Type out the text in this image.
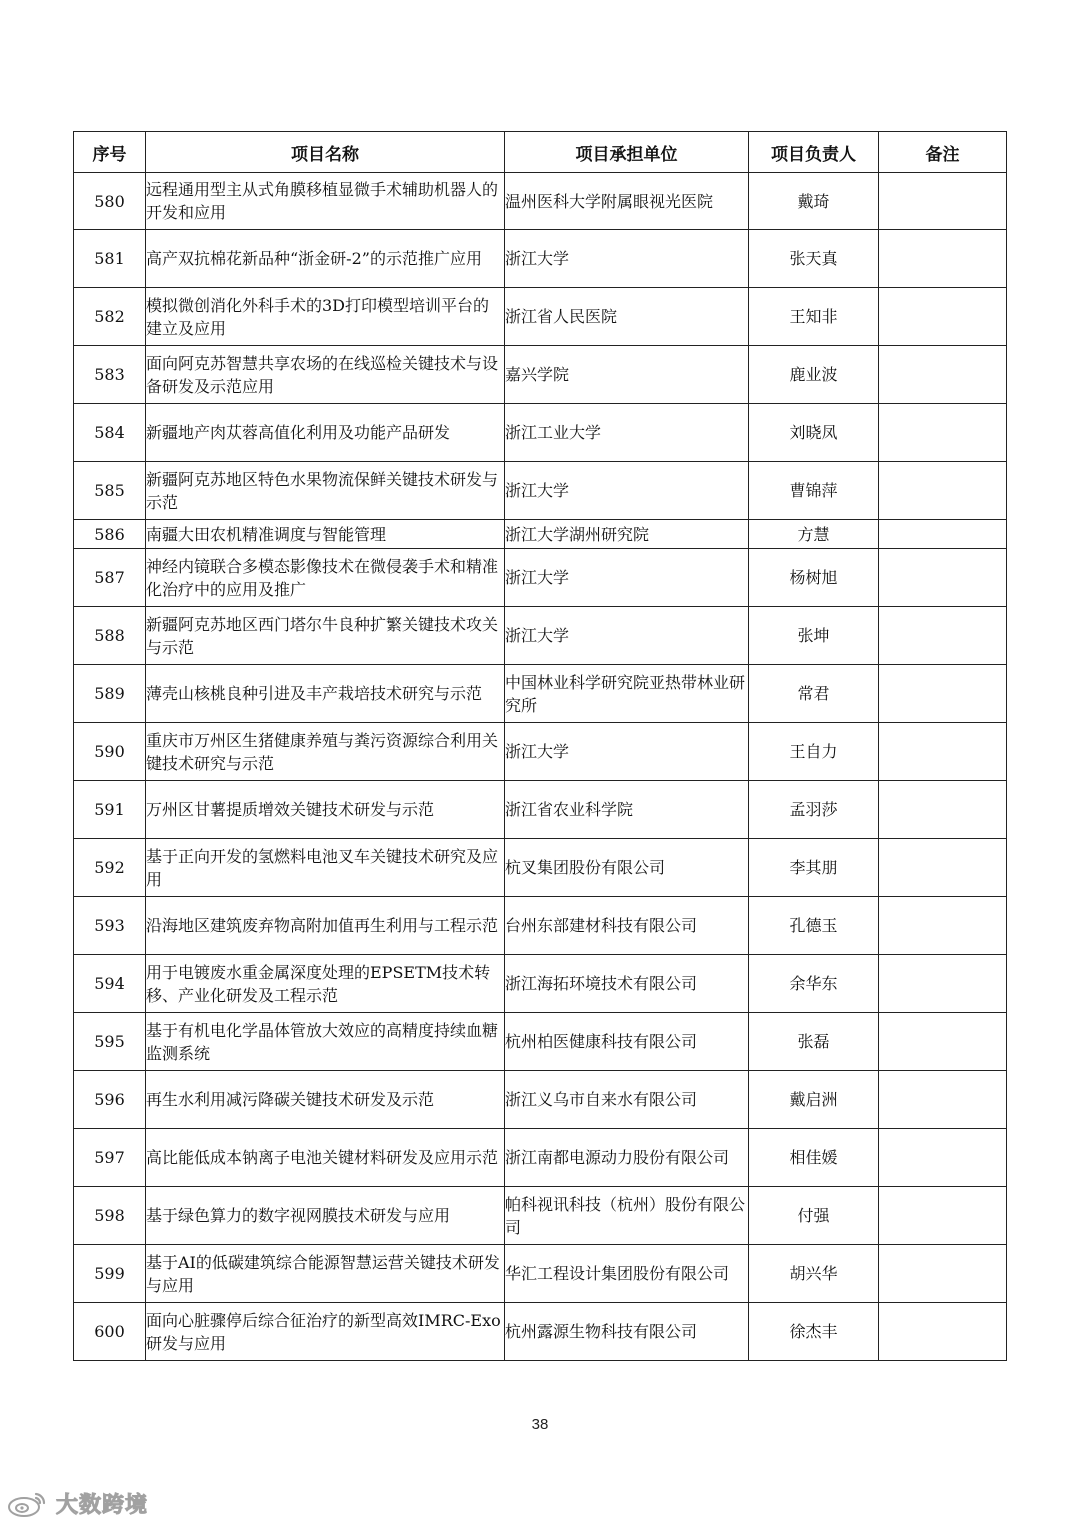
序号	项目名称	项目承担单位	项目负责人	备注
580	远程通用型主从式角膜移植显微手术辅助机器人的开发和应用	温州医科大学附属眼视光医院	戴琦	
581	高产双抗棉花新品种“浙金研-2”的示范推广应用	浙江大学	张天真	
582	模拟微创消化外科手术的3D打印模型培训平台的建立及应用	浙江省人民医院	王知非	
583	面向阿克苏智慧共享农场的在线巡检关键技术与设备研发及示范应用	嘉兴学院	鹿业波	
584	新疆地产肉苁蓉高值化利用及功能产品研发	浙江工业大学	刘晓凤	
585	新疆阿克苏地区特色水果物流保鲜关键技术研发与示范	浙江大学	曹锦萍	
586	南疆大田农机精准调度与智能管理	浙江大学湖州研究院	方慧	
587	神经内镜联合多模态影像技术在微侵袭手术和精准化治疗中的应用及推广	浙江大学	杨树旭	
588	新疆阿克苏地区西门塔尔牛良种扩繁关键技术攻关与示范	浙江大学	张坤	
589	薄壳山核桃良种引进及丰产栽培技术研究与示范	中国林业科学研究院亚热带林业研究所	常君	
590	重庆市万州区生猪健康养殖与粪污资源综合利用关键技术研究与示范	浙江大学	王自力	
591	万州区甘薯提质增效关键技术研发与示范	浙江省农业科学院	孟羽莎	
592	基于正向开发的氢燃料电池叉车关键技术研究及应用	杭叉集团股份有限公司	李其朋	
593	沿海地区建筑废弃物高附加值再生利用与工程示范	台州东部建材科技有限公司	孔德玉	
594	用于电镀废水重金属深度处理的EPSETM技术转移、产业化研发及工程示范	浙江海拓环境技术有限公司	余华东	
595	基于有机电化学晶体管放大效应的高精度持续血糖监测系统	杭州柏医健康科技有限公司	张磊	
596	再生水利用减污降碳关键技术研发及示范	浙江义乌市自来水有限公司	戴启洲	
597	高比能低成本钠离子电池关键材料研发及应用示范	浙江南都电源动力股份有限公司	相佳媛	
598	基于绿色算力的数字视网膜技术研发与应用	帕科视讯科技（杭州）股份有限公司	付强	
599	基于AI的低碳建筑综合能源智慧运营关键技术研发与应用	华汇工程设计集团股份有限公司	胡兴华	
600	面向心脏骤停后综合征治疗的新型高效IMRC-Exo研发与应用	杭州露源生物科技有限公司	徐杰丰	
38
大数跨境
